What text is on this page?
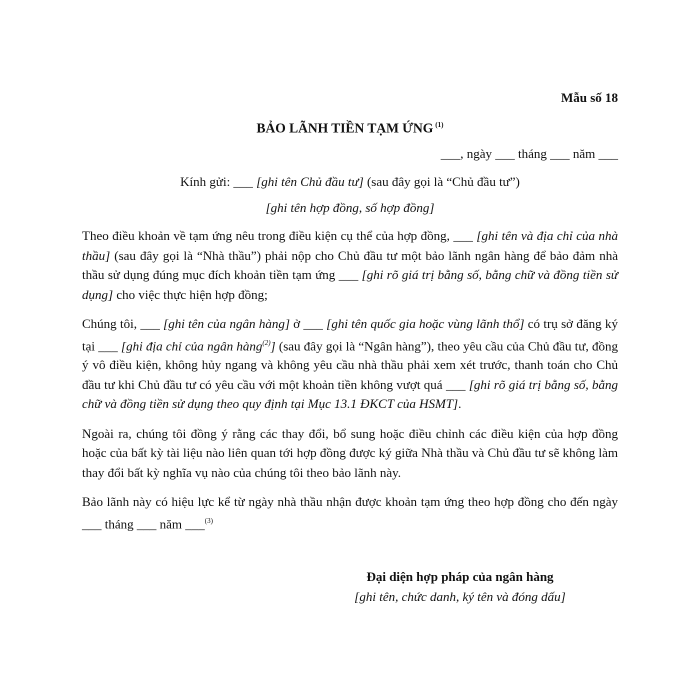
Mẫu số 18
BẢO LÃNH TIỀN TẠM ỨNG $^{(1)}$
___, ngày ___ tháng ___ năm ___
Kính gửi: ___ [ghi tên Chủ đầu tư] (sau đây gọi là “Chủ đầu tư”)
[ghi tên hợp đồng, số hợp đồng]

Theo điều khoản về tạm ứng nêu trong điều kiện cụ thể của hợp đồng, ___ [ghi tên và địa chỉ của nhà thầu] (sau đây gọi là “Nhà thầu”) phải nộp cho Chủ đầu tư một bảo lãnh ngân hàng để bảo đảm nhà thầu sử dụng đúng mục đích khoản tiền tạm ứng ___ [ghi rõ giá trị bằng số, bằng chữ và đồng tiền sử dụng] cho việc thực hiện hợp đồng;

Chúng tôi, ___ [ghi tên của ngân hàng] ở ___ [ghi tên quốc gia hoặc vùng lãnh thổ] có trụ sở đăng ký tại ___ [ghi địa chỉ của ngân hàng$^{(2)}$] (sau đây gọi là “Ngân hàng”), theo yêu cầu của Chủ đầu tư, đồng ý vô điều kiện, không hủy ngang và không yêu cầu nhà thầu phải xem xét trước, thanh toán cho Chủ đầu tư khi Chủ đầu tư có yêu cầu với một khoản tiền không vượt quá ___ [ghi rõ giá trị bằng số, bằng chữ và đồng tiền sử dụng theo quy định tại Mục 13.1 ĐKCT của HSMT].

Ngoài ra, chúng tôi đồng ý rằng các thay đổi, bổ sung hoặc điều chỉnh các điều kiện của hợp đồng hoặc của bất kỳ tài liệu nào liên quan tới hợp đồng được ký giữa Nhà thầu và Chủ đầu tư sẽ không làm thay đổi bất kỳ nghĩa vụ nào của chúng tôi theo bảo lãnh này.

Bảo lãnh này có hiệu lực kể từ ngày nhà thầu nhận được khoản tạm ứng theo hợp đồng cho đến ngày ___ tháng ___ năm ___$^{(3)}$

Đại diện hợp pháp của ngân hàng
[ghi tên, chức danh, ký tên và đóng dấu]
